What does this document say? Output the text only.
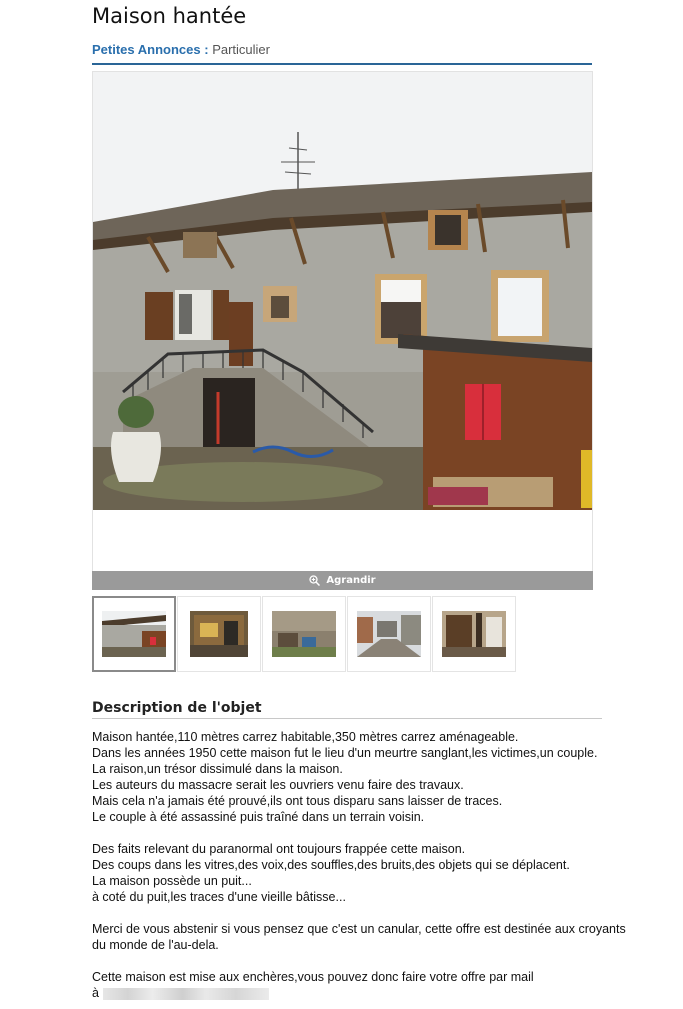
Maison hantée
Petites Annonces : Particulier
Agrandir
Description de l'objet

Maison hantée,110 mètres carrez habitable,350 mètres carrez aménageable.

Dans les années 1950 cette maison fut le lieu d'un meurtre sanglant,les victimes,un couple.

La raison,un trésor dissimulé dans la maison.

Les auteurs du massacre serait les ouvriers venu faire des travaux.

Mais cela n'a jamais été prouvé,ils ont tous disparu sans laisser de traces.

Le couple à été assassiné puis traîné dans un terrain voisin.

Des faits relevant du paranormal ont toujours frappée cette maison.

Des coups dans les vitres,des voix,des souffles,des bruits,des objets qui se déplacent.

La maison possède un puit...

à coté du puit,les traces d'une vieille bâtisse...

Merci de vous abstenir si vous pensez que c'est un canular, cette offre est destinée aux croyants

du monde de l'au-dela.

Cette maison est mise aux enchères,vous pouvez donc faire votre offre par mail

à
